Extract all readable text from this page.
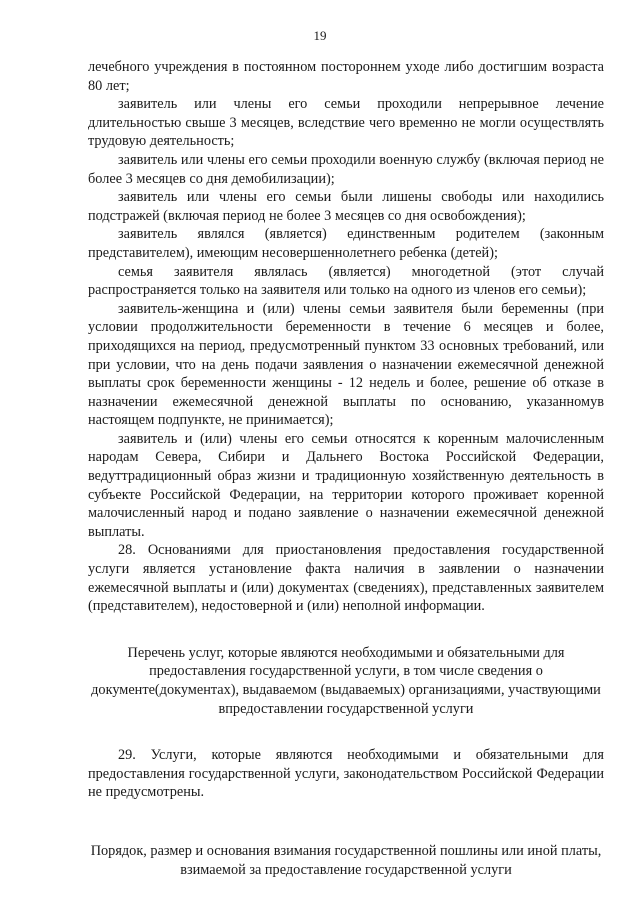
19

лечебного учреждения в постоянном постороннем уходе либо достигшим возраста 80 лет;

заявитель или члены его семьи проходили непрерывное лечение длительностью свыше 3 месяцев, вследствие чего временно не могли осуществлять трудовую деятельность;

заявитель или члены его семьи проходили военную службу (включая период не более 3 месяцев со дня демобилизации);

заявитель или члены его семьи были лишены свободы или находились подстражей (включая период не более 3 месяцев со дня освобождения);

заявитель являлся (является) единственным родителем (законным представителем), имеющим несовершеннолетнего ребенка (детей);

семья заявителя являлась (является) многодетной (этот случай распространяется только на заявителя или только на одного из членов его семьи);

заявитель-женщина и (или) члены семьи заявителя были беременны (при условии продолжительности беременности в течение 6 месяцев и более, приходящихся на период, предусмотренный пунктом 33 основных требований, или при условии, что на день подачи заявления о назначении ежемесячной денежной выплаты срок беременности женщины - 12 недель и более, решение об отказе в назначении ежемесячной денежной выплаты по основанию, указанномув настоящем подпункте, не принимается);

заявитель и (или) члены его семьи относятся к коренным малочисленным народам Севера, Сибири и Дальнего Востока Российской Федерации, ведуттрадиционный образ жизни и традиционную хозяйственную деятельность в субъекте Российской Федерации, на территории которого проживает коренной малочисленный народ и подано заявление о назначении ежемесячной денежной выплаты.

28. Основаниями для приостановления предоставления государственной услуги является установление факта наличия в заявлении о назначении ежемесячной выплаты и (или) документах (сведениях), представленных заявителем (представителем), недостоверной и (или) неполной информации.

Перечень услуг, которые являются необходимыми и обязательными для предоставления государственной услуги, в том числе сведения о документе(документах), выдаваемом (выдаваемых) организациями, участвующими впредоставлении государственной услуги

29. Услуги, которые являются необходимыми и обязательными для предоставления государственной услуги, законодательством Российской Федерации не предусмотрены.

Порядок, размер и основания взимания государственной пошлины или иной платы, взимаемой за предоставление государственной услуги
